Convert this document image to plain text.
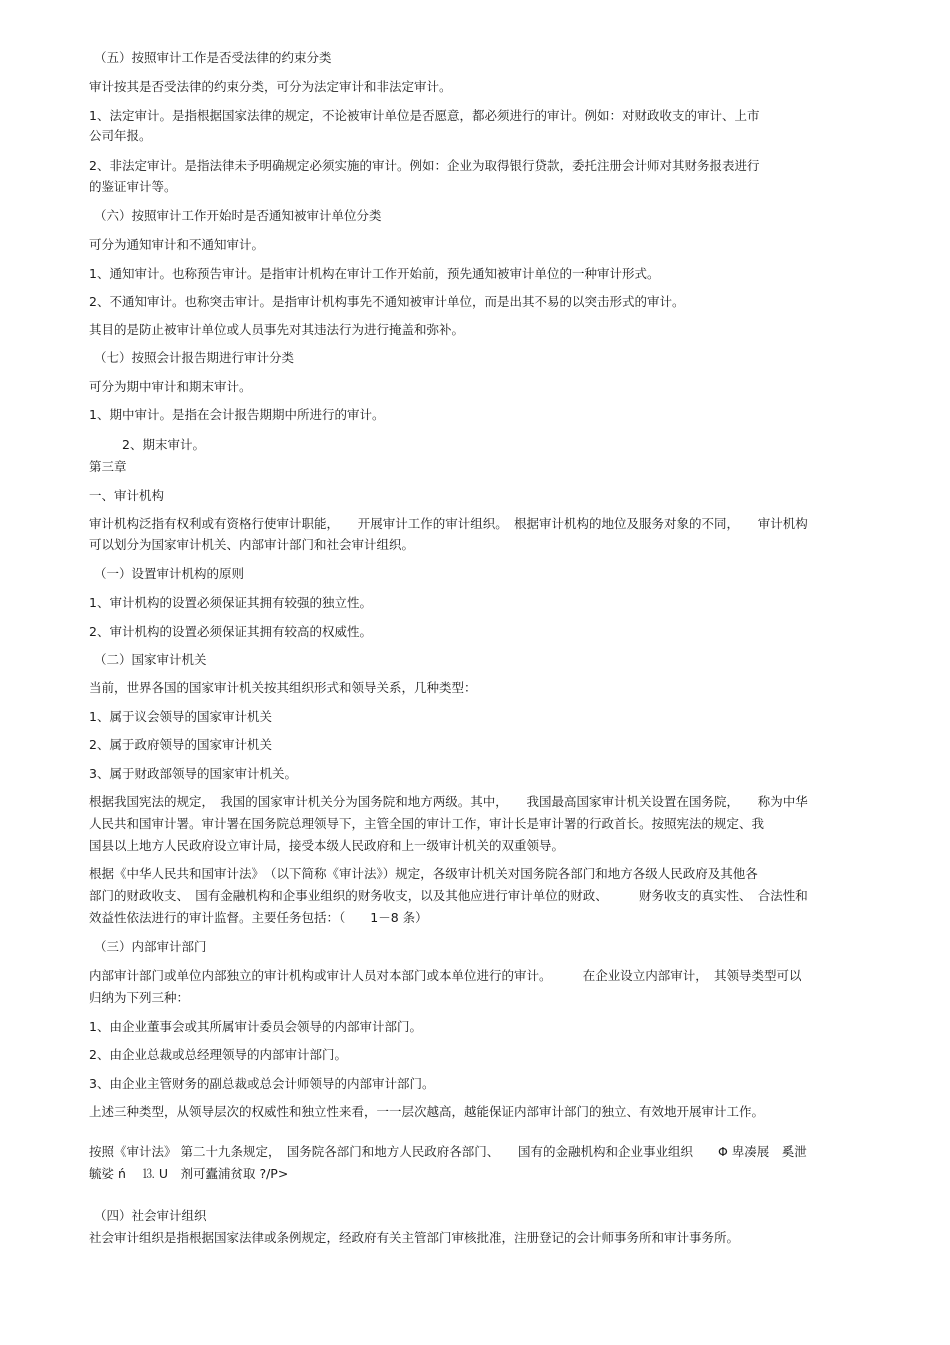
（五）按照审计工作是否受法律的约束分类

审计按其是否受法律的约束分类，可分为法定审计和非法定审计。

1、法定审计。是指根据国家法律的规定，不论被审计单位是否愿意，都必须进行的审计。例如：对财政收支的审计、上市

公司年报。

2、非法定审计。是指法律未予明确规定必须实施的审计。例如：企业为取得银行贷款，委托注册会计师对其财务报表进行

的鉴证审计等。

（六）按照审计工作开始时是否通知被审计单位分类

可分为通知审计和不通知审计。

1、通知审计。也称预告审计。是指审计机构在审计工作开始前，预先通知被审计单位的一种审计形式。

2、不通知审计。也称突击审计。是指审计机构事先不通知被审计单位，而是出其不易的以突击形式的审计。

其目的是防止被审计单位或人员事先对其违法行为进行掩盖和弥补。

（七）按照会计报告期进行审计分类

可分为期中审计和期末审计。

1、期中审计。是指在会计报告期期中所进行的审计。

2、期末审计。

第三章

一、审计机构

审计机构泛指有权利或有资格行使审计职能，　　开展审计工作的审计组织。　根据审计机构的地位及服务对象的不同，　　审计机构

可以划分为国家审计机关、内部审计部门和社会审计组织。

（一）设置审计机构的原则

1、审计机构的设置必须保证其拥有较强的独立性。

2、审计机构的设置必须保证其拥有较高的权威性。

（二）国家审计机关

当前，世界各国的国家审计机关按其组织形式和领导关系，几种类型：

1、属于议会领导的国家审计机关

2、属于政府领导的国家审计机关

3、属于财政部领导的国家审计机关。

根据我国宪法的规定，　我国的国家审计机关分为国务院和地方两级。其中，　　我国最高国家审计机关设置在国务院，　　称为中华

人民共和国审计署。审计署在国务院总理领导下，主管全国的审计工作，审计长是审计署的行政首长。按照宪法的规定、我

国县以上地方人民政府设立审计局，接受本级人民政府和上一级审计机关的双重领导。

根据《中华人民共和国审计法》　（以下简称《审计法》）规定，各级审计机关对国务院各部门和地方各级人民政府及其他各

部门的财政收支、　国有金融机构和企事业组织的财务收支，以及其他应进行审计单位的财政、　　　财务收支的真实性、　合法性和

效益性依法进行的审计监督。主要任务包括：（　　1－8 条）

（三）内部审计部门

内部审计部门或单位内部独立的审计机构或审计人员对本部门或本单位进行的审计。　　　在企业设立内部审计，　其领导类型可以

归纳为下列三种：

1、由企业董事会或其所属审计委员会领导的内部审计部门。

2、由企业总裁或总经理领导的内部审计部门。

3、由企业主管财务的副总裁或总会计师领导的内部审计部门。

上述三种类型，从领导层次的权威性和独立性来看，一一层次越高，越能保证内部审计部门的独立、有效地开展审计工作。

按照《审计法》 第二十九条规定，　国务院各部门和地方人民政府各部门、　　国有的金融机构和企业事业组织　　Φ 卑凑展　奚泄

毓娑 ń　 ⒔ U　剂可蠹浦贫取 ?/P>

（四）社会审计组织

社会审计组织是指根据国家法律或条例规定，经政府有关主管部门审核批准，注册登记的会计师事务所和审计事务所。
